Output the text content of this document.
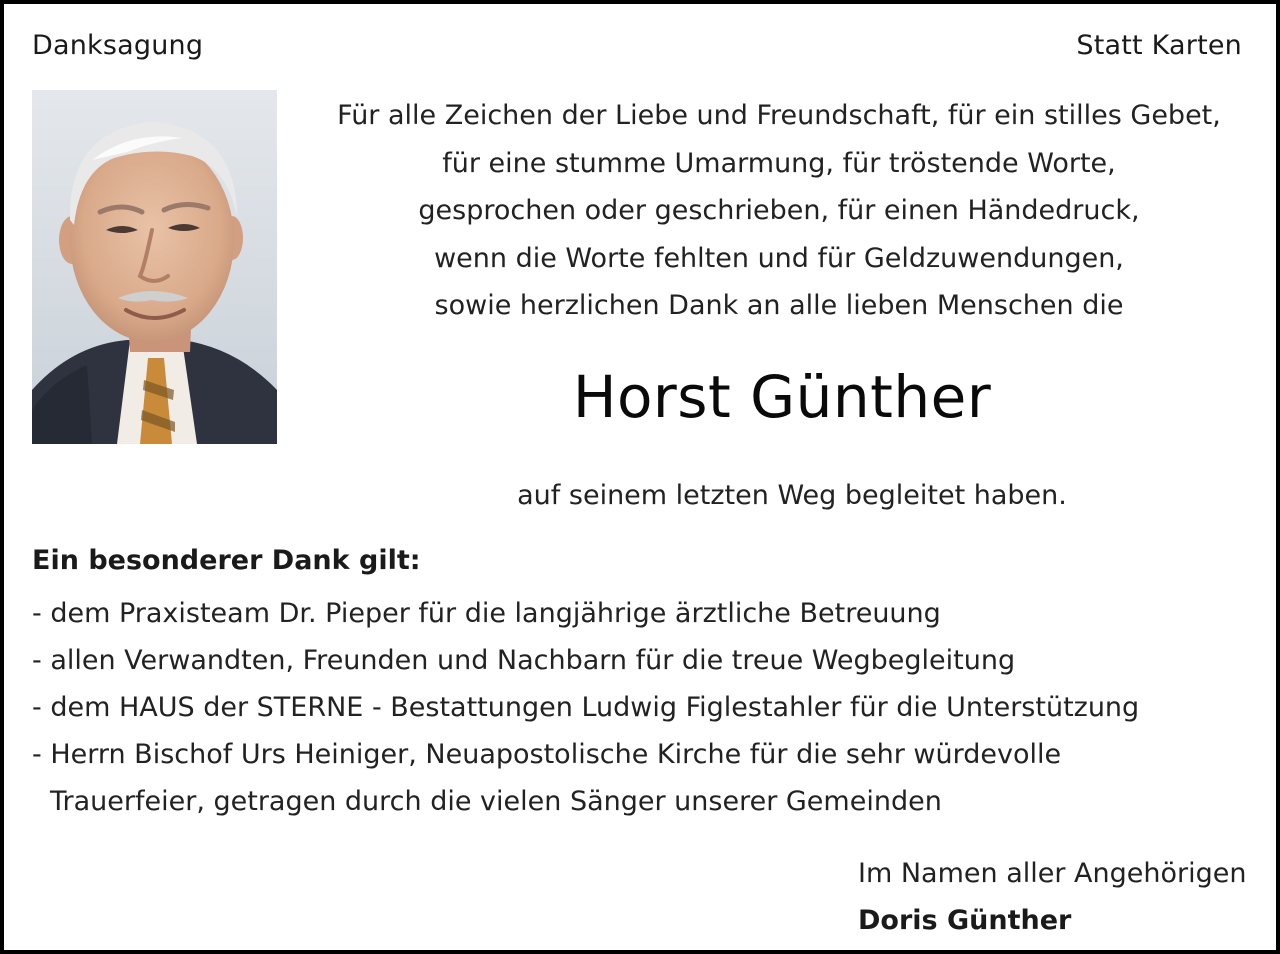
Danksagung	Statt Karten
Für alle Zeichen der Liebe und Freundschaft, für ein stilles Gebet,
für eine stumme Umarmung, für tröstende Worte,
gesprochen oder geschrieben, für einen Händedruck,
wenn die Worte fehlten und für Geldzuwendungen,
sowie herzlichen Dank an alle lieben Menschen die
Horst Günther
auf seinem letzten Weg begleitet haben.
Ein besonderer Dank gilt:
- dem Praxisteam Dr. Pieper für die langjährige ärztliche Betreuung
- allen Verwandten, Freunden und Nachbarn für die treue Wegbegleitung
- dem HAUS der STERNE - Bestattungen Ludwig Figlestahler für die Unterstützung
- Herrn Bischof Urs Heiniger, Neuapostolische Kirche für die sehr würdevolle
Trauerfeier, getragen durch die vielen Sänger unserer Gemeinden
Im Namen aller Angehörigen
Doris Günther
